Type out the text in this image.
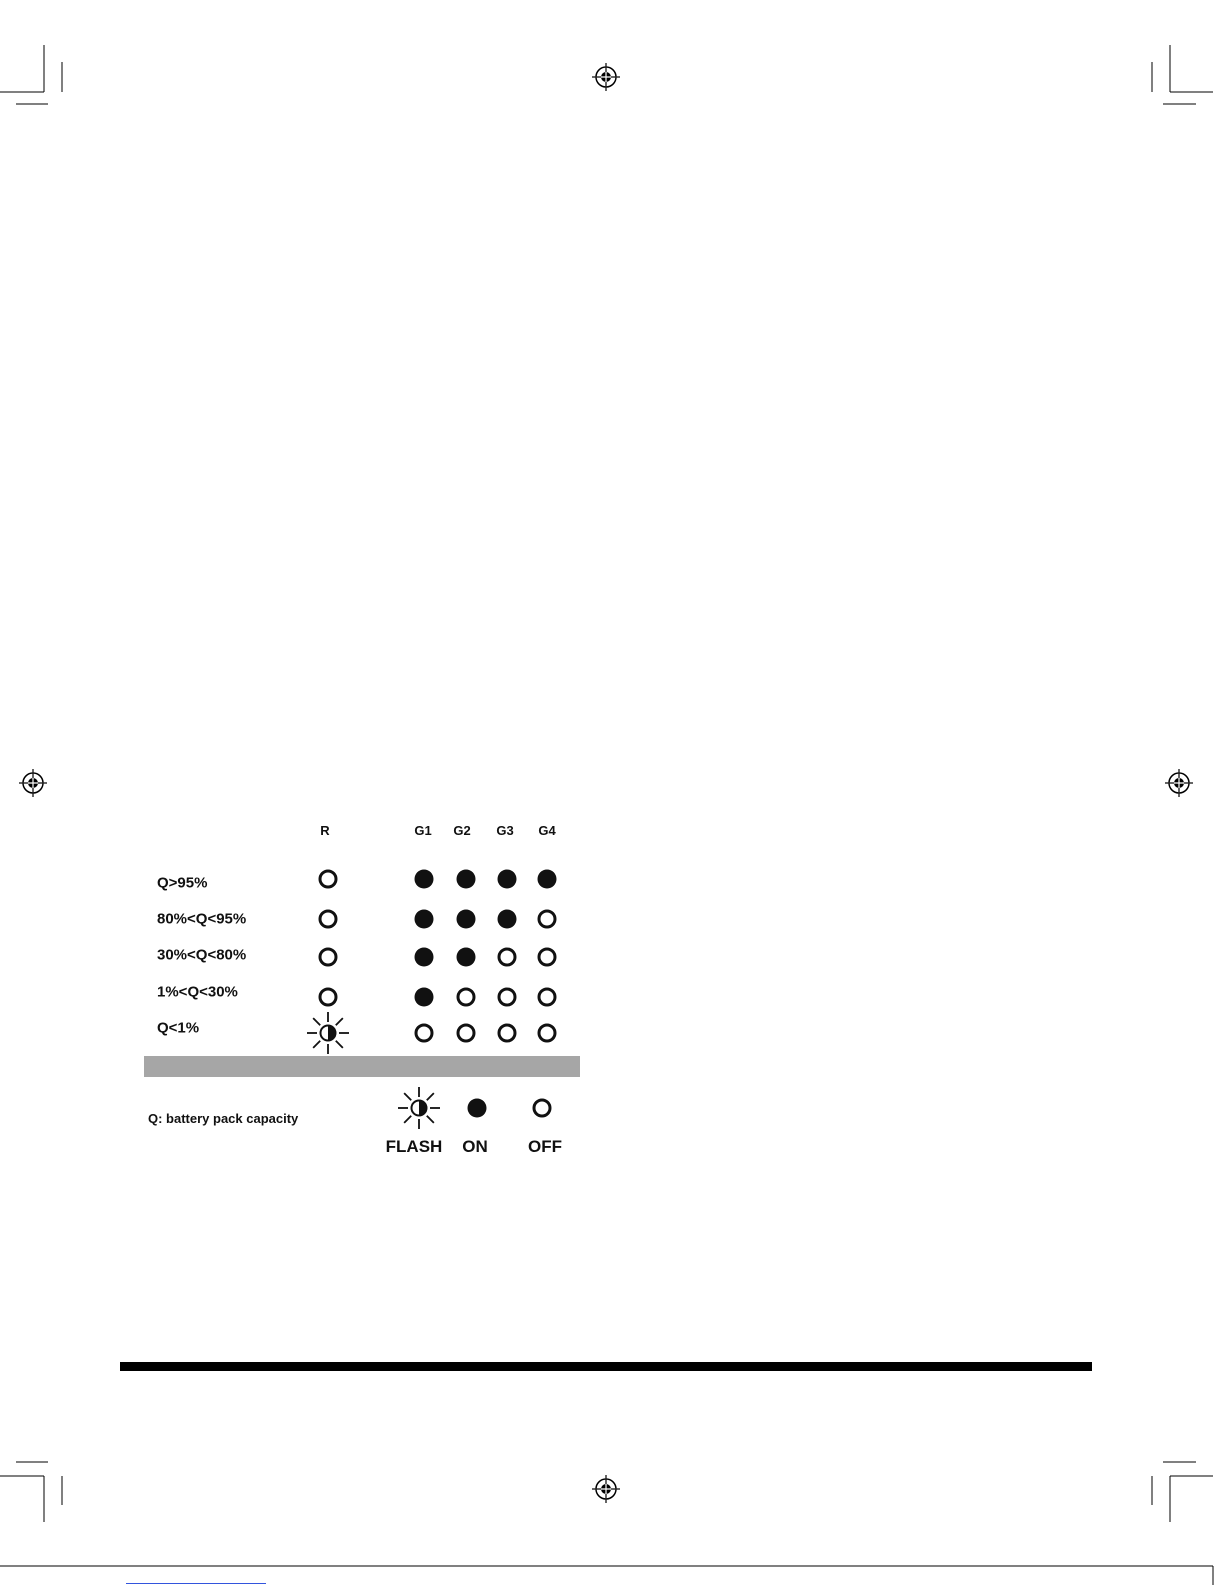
R	G1 G2 G3 G4
Q>95%
80%<Q<95%
30%<Q<80%
1%<Q<30%
Q<1%
Q: battery pack capacity
FLASH ON OFF
